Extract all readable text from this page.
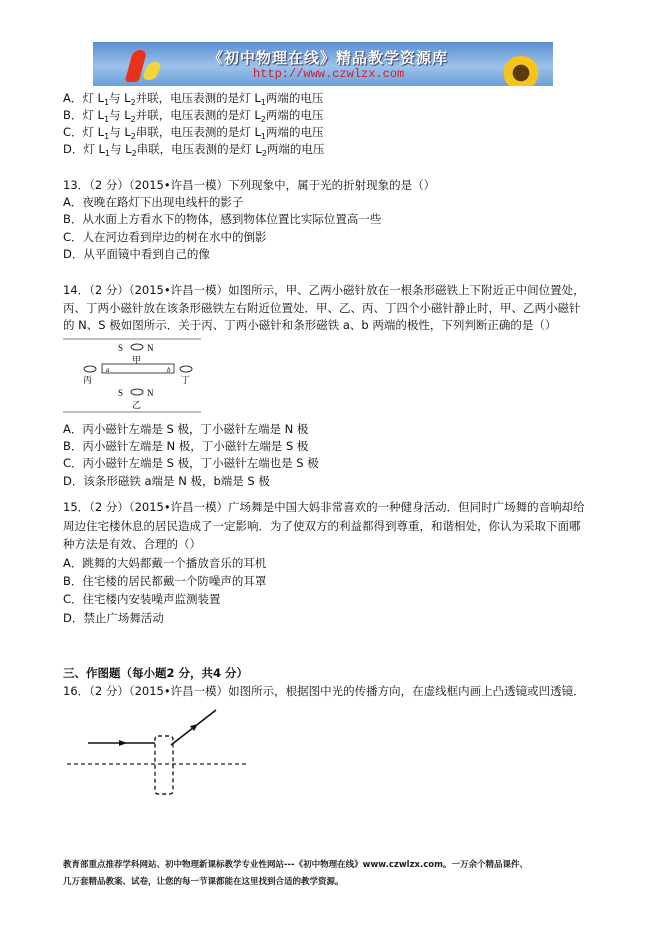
《初中物理在线》精品教学资源库
http://www.czwlzx.com
A．灯 $L_1$与 $L_2$并联，电压表测的是灯 $L_1$两端的电压
B．灯 $L_1$与 $L_2$并联，电压表测的是灯 $L_2$两端的电压
C．灯 $L_1$与 $L_2$串联，电压表测的是灯 $L_1$两端的电压
D．灯 $L_1$与 $L_2$串联，电压表测的是灯 $L_2$两端的电压
13．（2 分）（2015•许昌一模）下列现象中，属于光的折射现象的是（）
A．夜晚在路灯下出现电线杆的影子
B．从水面上方看水下的物体，感到物体位置比实际位置高一些
C．人在河边看到岸边的树在水中的倒影
D．从平面镜中看到自己的像
14．（2 分）（2015•许昌一模）如图所示，甲、乙两小磁针放在一根条形磁铁上下附近正中间位置处，
丙、丁两小磁针放在该条形磁铁左右附近位置处．甲、乙、丙、丁四个小磁针静止时，甲、乙两小磁针
的 N、S 极如图所示．关于丙、丁两小磁针和条形磁铁 a、b 两端的极性，下列判断正确的是（）
S	N
甲
a	b
丙	丁
S	N
乙
A．丙小磁针左端是 S 极，丁小磁针左端是 N 极
B．丙小磁针左端是 N 极，丁小磁针左端是 S 极
C．丙小磁针左端是 S 极，丁小磁针左端也是 S 极
D．该条形磁铁 a端是 N 极，b端是 S 极
15．（2 分）（2015•许昌一模）广场舞是中国大妈非常喜欢的一种健身活动．但同时广场舞的音响却给
周边住宅楼休息的居民造成了一定影响．为了使双方的利益都得到尊重，和谐相处，你认为采取下面哪
种方法是有效、合理的（）
A．跳舞的大妈都戴一个播放音乐的耳机
B．住宅楼的居民都戴一个防噪声的耳罩
C．住宅楼内安装噪声监测装置
D．禁止广场舞活动
三、作图题（每小题2 分，共4 分）
16．（2 分）（2015•许昌一模）如图所示，根据图中光的传播方向，在虚线框内画上凸透镜或凹透镜．
教育部重点推荐学科网站、初中物理新课标教学专业性网站---《初中物理在线》www.czwlzx.com。一万余个精品课件、
几万套精品教案、试卷，让您的每一节课都能在这里找到合适的教学资源。
